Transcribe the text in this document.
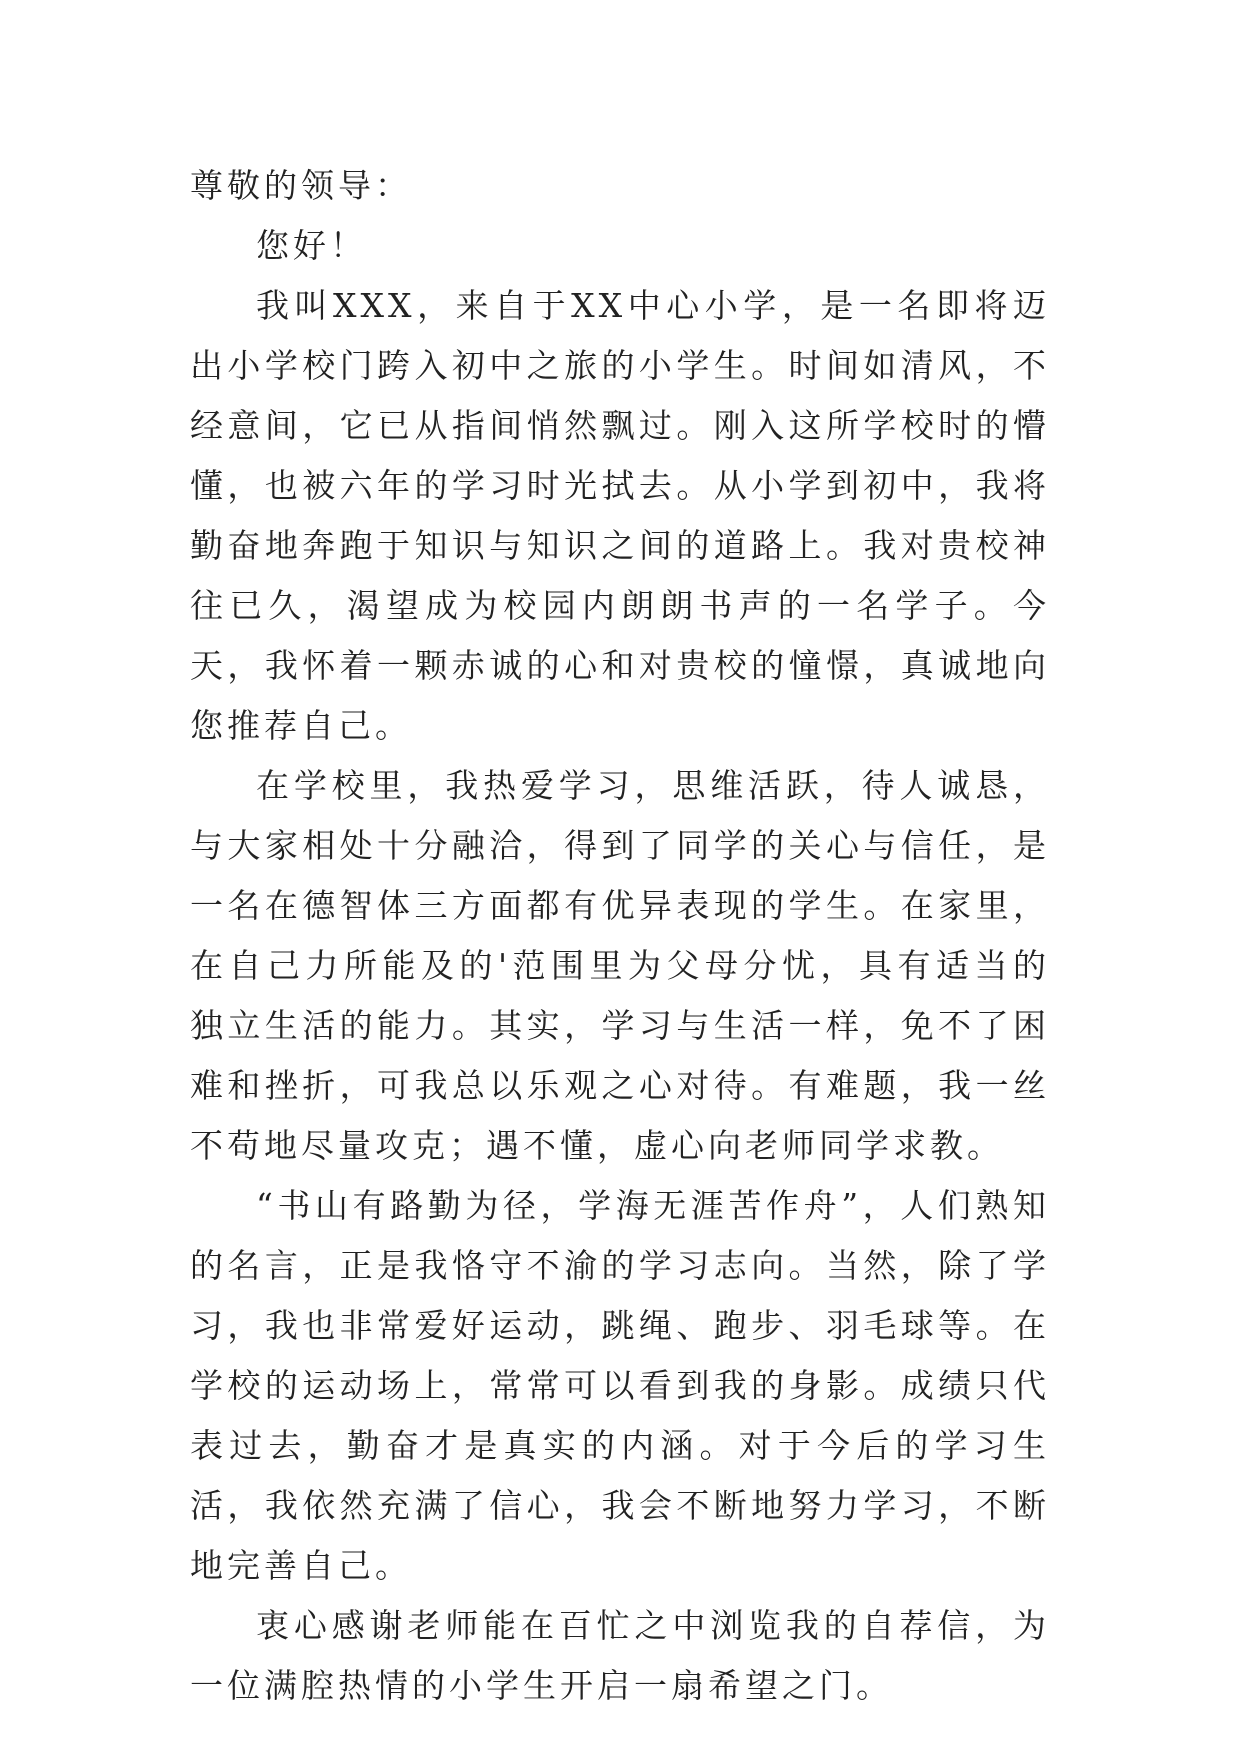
尊敬的领导：

您好！

我叫XXX，来自于XX中心小学，是一名即将迈出小学校门跨入初中之旅的小学生。时间如清风，不经意间，它已从指间悄然飘过。刚入这所学校时的懵懂，也被六年的学习时光拭去。从小学到初中，我将勤奋地奔跑于知识与知识之间的道路上。我对贵校神往已久，渴望成为校园内朗朗书声的一名学子。今天，我怀着一颗赤诚的心和对贵校的憧憬，真诚地向您推荐自己。

在学校里，我热爱学习，思维活跃，待人诚恳，与大家相处十分融洽，得到了同学的关心与信任，是一名在德智体三方面都有优异表现的学生。在家里，在自己力所能及的'范围里为父母分忧，具有适当的独立生活的能力。其实，学习与生活一样，免不了困难和挫折，可我总以乐观之心对待。有难题，我一丝不苟地尽量攻克；遇不懂，虚心向老师同学求教。

“书山有路勤为径，学海无涯苦作舟”，人们熟知的名言，正是我恪守不渝的学习志向。当然，除了学习，我也非常爱好运动，跳绳、跑步、羽毛球等。在学校的运动场上，常常可以看到我的身影。成绩只代表过去，勤奋才是真实的内涵。对于今后的学习生活，我依然充满了信心，我会不断地努力学习，不断地完善自己。

衷心感谢老师能在百忙之中浏览我的自荐信，为一位满腔热情的小学生开启一扇希望之门。
